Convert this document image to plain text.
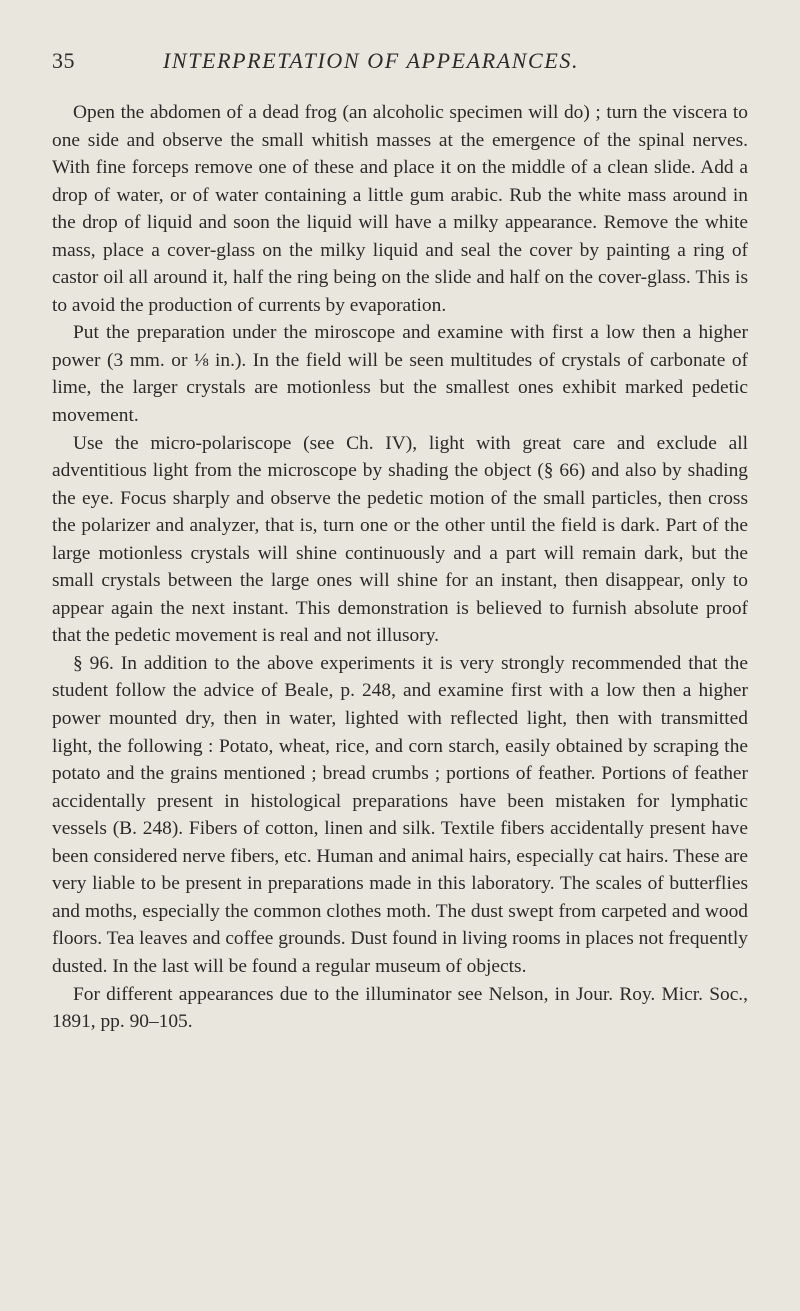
35	INTERPRETATION OF APPEARANCES.

Open the abdomen of a dead frog (an alcoholic specimen will do) ; turn the viscera to one side and observe the small whitish masses at the emergence of the spinal nerves. With fine forceps remove one of these and place it on the middle of a clean slide. Add a drop of water, or of water containing a little gum arabic. Rub the white mass around in the drop of liquid and soon the liquid will have a milky appearance. Remove the white mass, place a cover-glass on the milky liquid and seal the cover by painting a ring of castor oil all around it, half the ring being on the slide and half on the cover-glass. This is to avoid the production of currents by evaporation.

Put the preparation under the miroscope and examine with first a low then a higher power (3 mm. or ⅛ in.). In the field will be seen multitudes of crystals of carbonate of lime, the larger crystals are motionless but the smallest ones exhibit marked pedetic movement.

Use the micro-polariscope (see Ch. IV), light with great care and exclude all adventitious light from the microscope by shading the object (§ 66) and also by shading the eye. Focus sharply and observe the pedetic motion of the small particles, then cross the polarizer and analyzer, that is, turn one or the other until the field is dark. Part of the large motionless crystals will shine continuously and a part will remain dark, but the small crystals between the large ones will shine for an instant, then disappear, only to appear again the next instant. This demonstration is believed to furnish absolute proof that the pedetic movement is real and not illusory.

§ 96. In addition to the above experiments it is very strongly recommended that the student follow the advice of Beale, p. 248, and examine first with a low then a higher power mounted dry, then in water, lighted with reflected light, then with transmitted light, the following : Potato, wheat, rice, and corn starch, easily obtained by scraping the potato and the grains mentioned ; bread crumbs ; portions of feather. Portions of feather accidentally present in histological preparations have been mistaken for lymphatic vessels (B. 248). Fibers of cotton, linen and silk. Textile fibers accidentally present have been considered nerve fibers, etc. Human and animal hairs, especially cat hairs. These are very liable to be present in preparations made in this laboratory. The scales of butterflies and moths, especially the common clothes moth. The dust swept from carpeted and wood floors. Tea leaves and coffee grounds. Dust found in living rooms in places not frequently dusted. In the last will be found a regular museum of objects.

For different appearances due to the illuminator see Nelson, in Jour. Roy. Micr. Soc., 1891, pp. 90–105.
